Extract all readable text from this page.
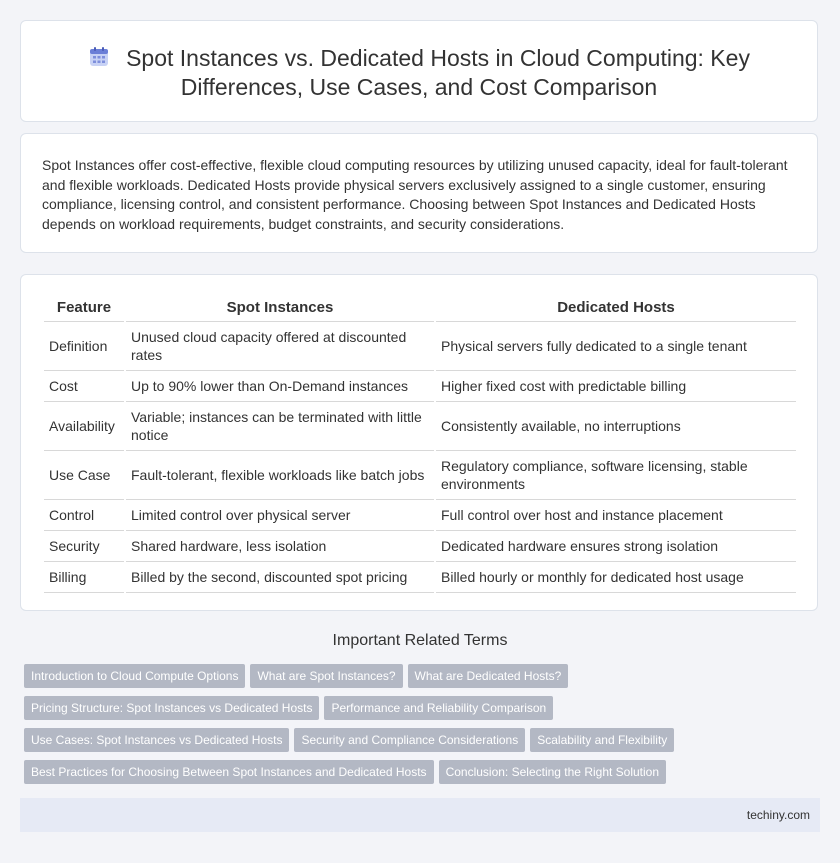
Spot Instances vs. Dedicated Hosts in Cloud Computing: Key
Differences, Use Cases, and Cost Comparison

Spot Instances offer cost-effective, flexible cloud computing resources by utilizing unused capacity, ideal for fault-tolerant and flexible workloads. Dedicated Hosts provide physical servers exclusively assigned to a single customer, ensuring compliance, licensing control, and consistent performance. Choosing between Spot Instances and Dedicated Hosts depends on workload requirements, budget constraints, and security considerations.

Feature	Spot Instances	Dedicated Hosts
Definition	Unused cloud capacity offered at discounted rates	Physical servers fully dedicated to a single tenant
Cost	Up to 90% lower than On-Demand instances	Higher fixed cost with predictable billing
Availability	Variable; instances can be terminated with little notice	Consistently available, no interruptions
Use Case	Fault-tolerant, flexible workloads like batch jobs	Regulatory compliance, software licensing, stable environments
Control	Limited control over physical server	Full control over host and instance placement
Security	Shared hardware, less isolation	Dedicated hardware ensures strong isolation
Billing	Billed by the second, discounted spot pricing	Billed hourly or monthly for dedicated host usage
Important Related Terms
Introduction to Cloud Compute Options What are Spot Instances? What are Dedicated Hosts?
Pricing Structure: Spot Instances vs Dedicated Hosts Performance and Reliability Comparison
Use Cases: Spot Instances vs Dedicated Hosts Security and Compliance Considerations Scalability and Flexibility
Best Practices for Choosing Between Spot Instances and Dedicated Hosts Conclusion: Selecting the Right Solution
techiny.com
